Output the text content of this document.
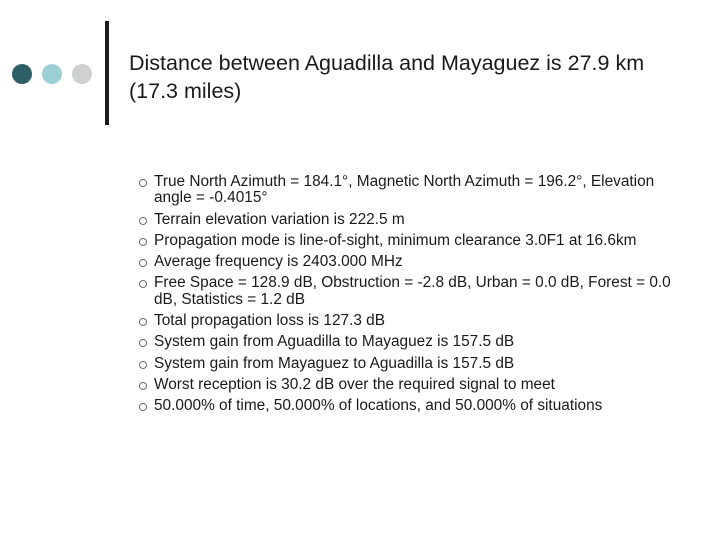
Distance between Aguadilla and Mayaguez is 27.9 km (17.3 miles)
True North Azimuth = 184.1°, Magnetic North Azimuth = 196.2°, Elevation angle = -0.4015°
Terrain elevation variation is 222.5 m
Propagation mode is line-of-sight, minimum clearance 3.0F1 at 16.6km
Average frequency is 2403.000 MHz
Free Space = 128.9 dB, Obstruction = -2.8 dB, Urban = 0.0 dB, Forest = 0.0 dB, Statistics = 1.2 dB
Total propagation loss is 127.3 dB
System gain from Aguadilla to Mayaguez is 157.5 dB
System gain from Mayaguez to Aguadilla is 157.5 dB
Worst reception is 30.2 dB over the required signal to meet
50.000% of time, 50.000% of locations, and 50.000% of situations
